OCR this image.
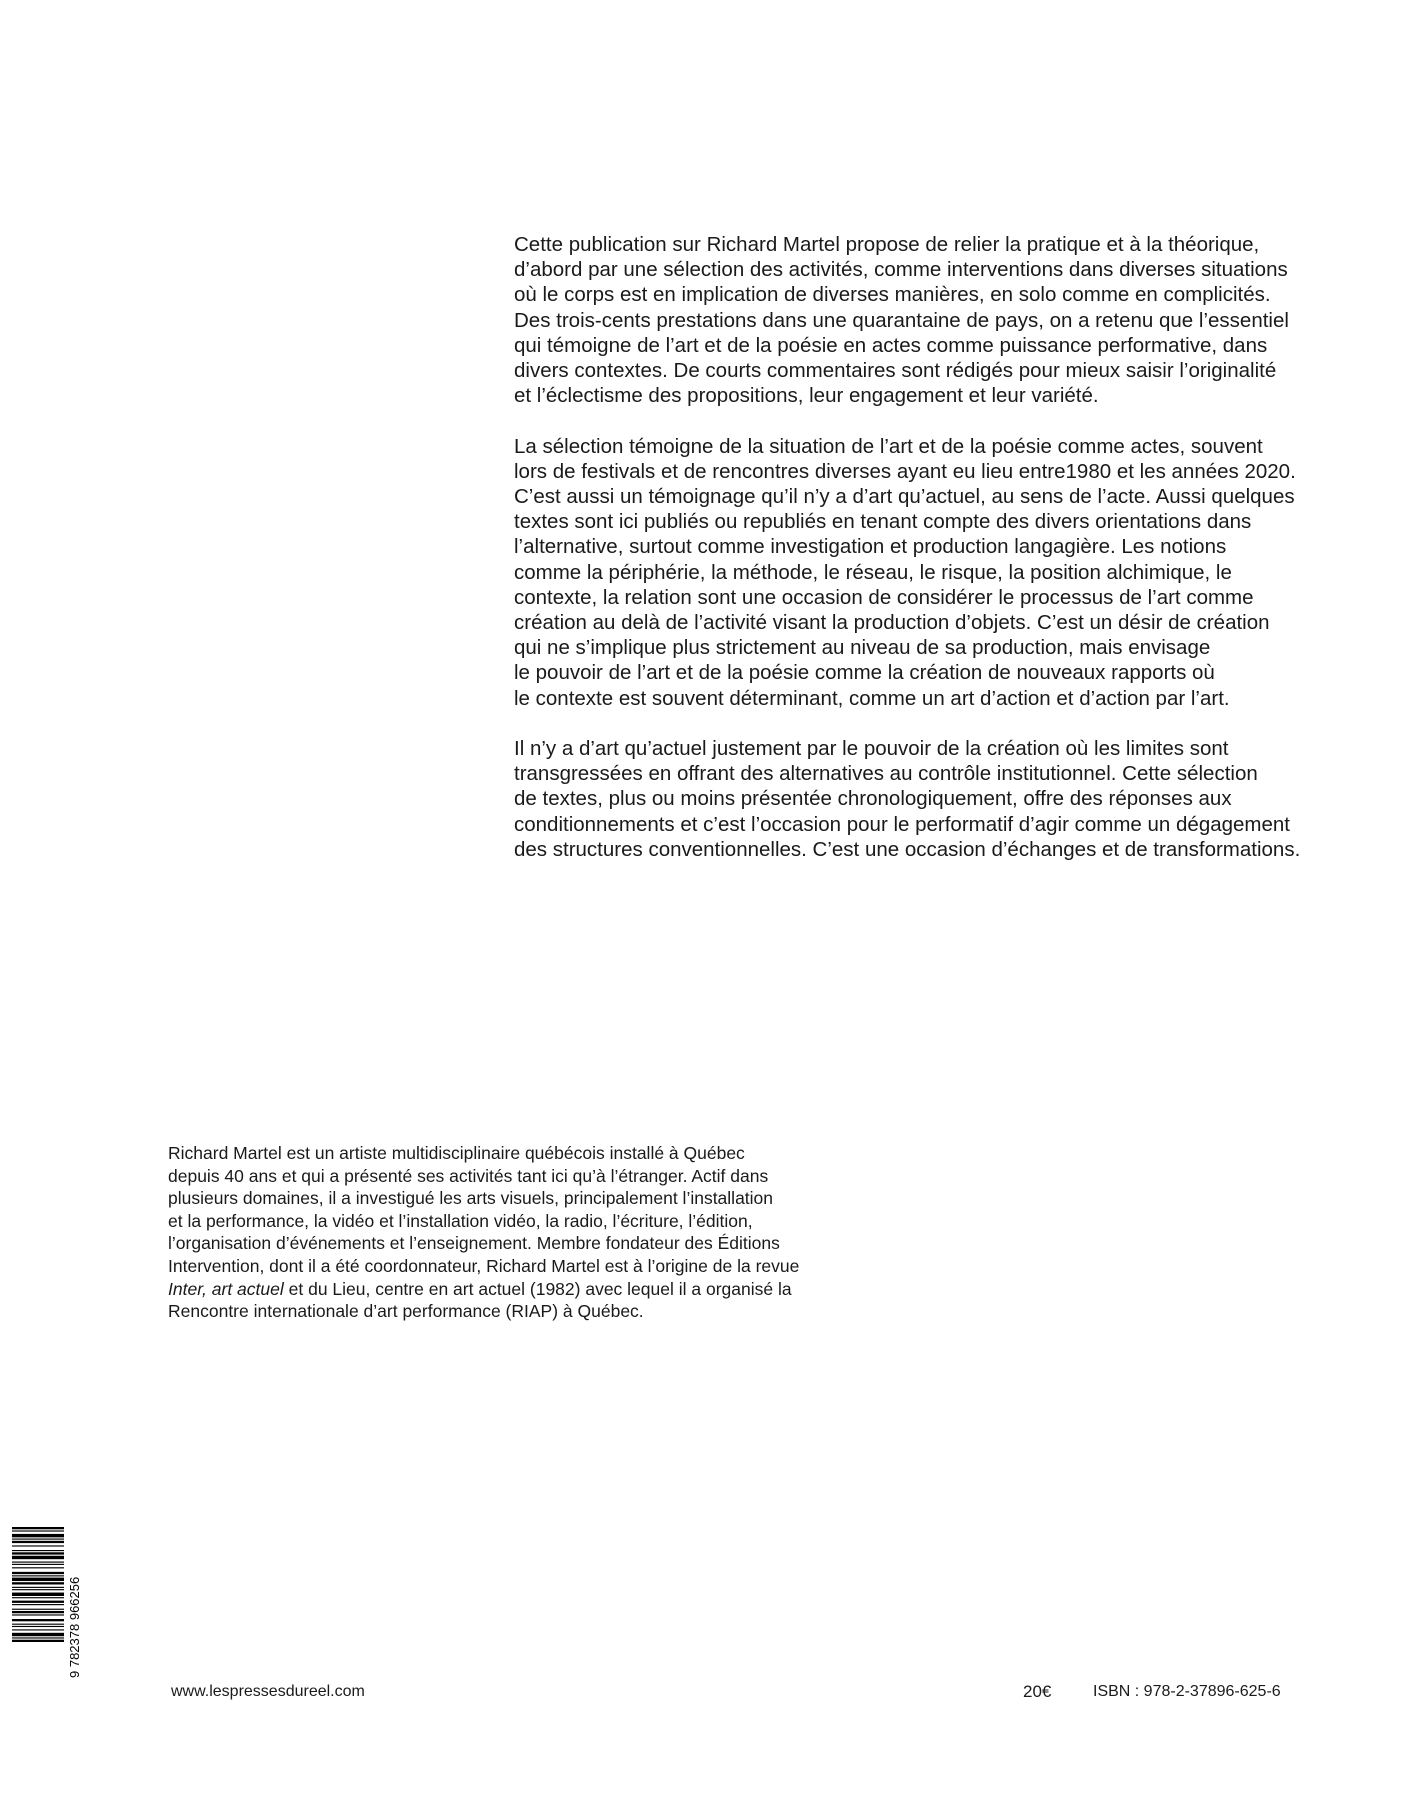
Cette publication sur Richard Martel propose de relier la pratique et à la théorique,
d’abord par une sélection des activités, comme interventions dans diverses situations
où le corps est en implication de diverses manières, en solo comme en complicités.
Des trois-cents prestations dans une quarantaine de pays, on a retenu que l’essentiel
qui témoigne de l’art et de la poésie en actes comme puissance performative, dans
divers contextes. De courts commentaires sont rédigés pour mieux saisir l’originalité
et l’éclectisme des propositions, leur engagement et leur variété.

La sélection témoigne de la situation de l’art et de la poésie comme actes, souvent
lors de festivals et de rencontres diverses ayant eu lieu entre1980 et les années 2020.
C’est aussi un témoignage qu’il n’y a d’art qu’actuel, au sens de l’acte. Aussi quelques
textes sont ici publiés ou republiés en tenant compte des divers orientations dans
l’alternative, surtout comme investigation et production langagière. Les notions
comme la périphérie, la méthode, le réseau, le risque, la position alchimique, le
contexte, la relation sont une occasion de considérer le processus de l’art comme
création au delà de l’activité visant la production d’objets. C’est un désir de création
qui ne s’implique plus strictement au niveau de sa production, mais envisage
le pouvoir de l’art et de la poésie comme la création de nouveaux rapports où
le contexte est souvent déterminant, comme un art d’action et d’action par l’art.

Il n’y a d’art qu’actuel justement par le pouvoir de la création où les limites sont
transgressées en offrant des alternatives au contrôle institutionnel. Cette sélection
de textes, plus ou moins présentée chronologiquement, offre des réponses aux
conditionnements et c’est l’occasion pour le performatif d’agir comme un dégagement
des structures conventionnelles. C’est une occasion d’échanges et de transformations.

Richard Martel est un artiste multidisciplinaire québécois installé à Québec
depuis 40 ans et qui a présenté ses activités tant ici qu’à l’étranger. Actif dans
plusieurs domaines, il a investigué les arts visuels, principalement l’installation
et la performance, la vidéo et l’installation vidéo, la radio, l’écriture, l’édition,
l’organisation d’événements et l’enseignement. Membre fondateur des Éditions
Intervention, dont il a été coordonnateur, Richard Martel est à l’origine de la revue
Inter, art actuel et du Lieu, centre en art actuel (1982) avec lequel il a organisé la
Rencontre internationale d’art performance (RIAP) à Québec.

9 782378 966256
www.lespressesdureel.com	20€	ISBN : 978-2-37896-625-6
